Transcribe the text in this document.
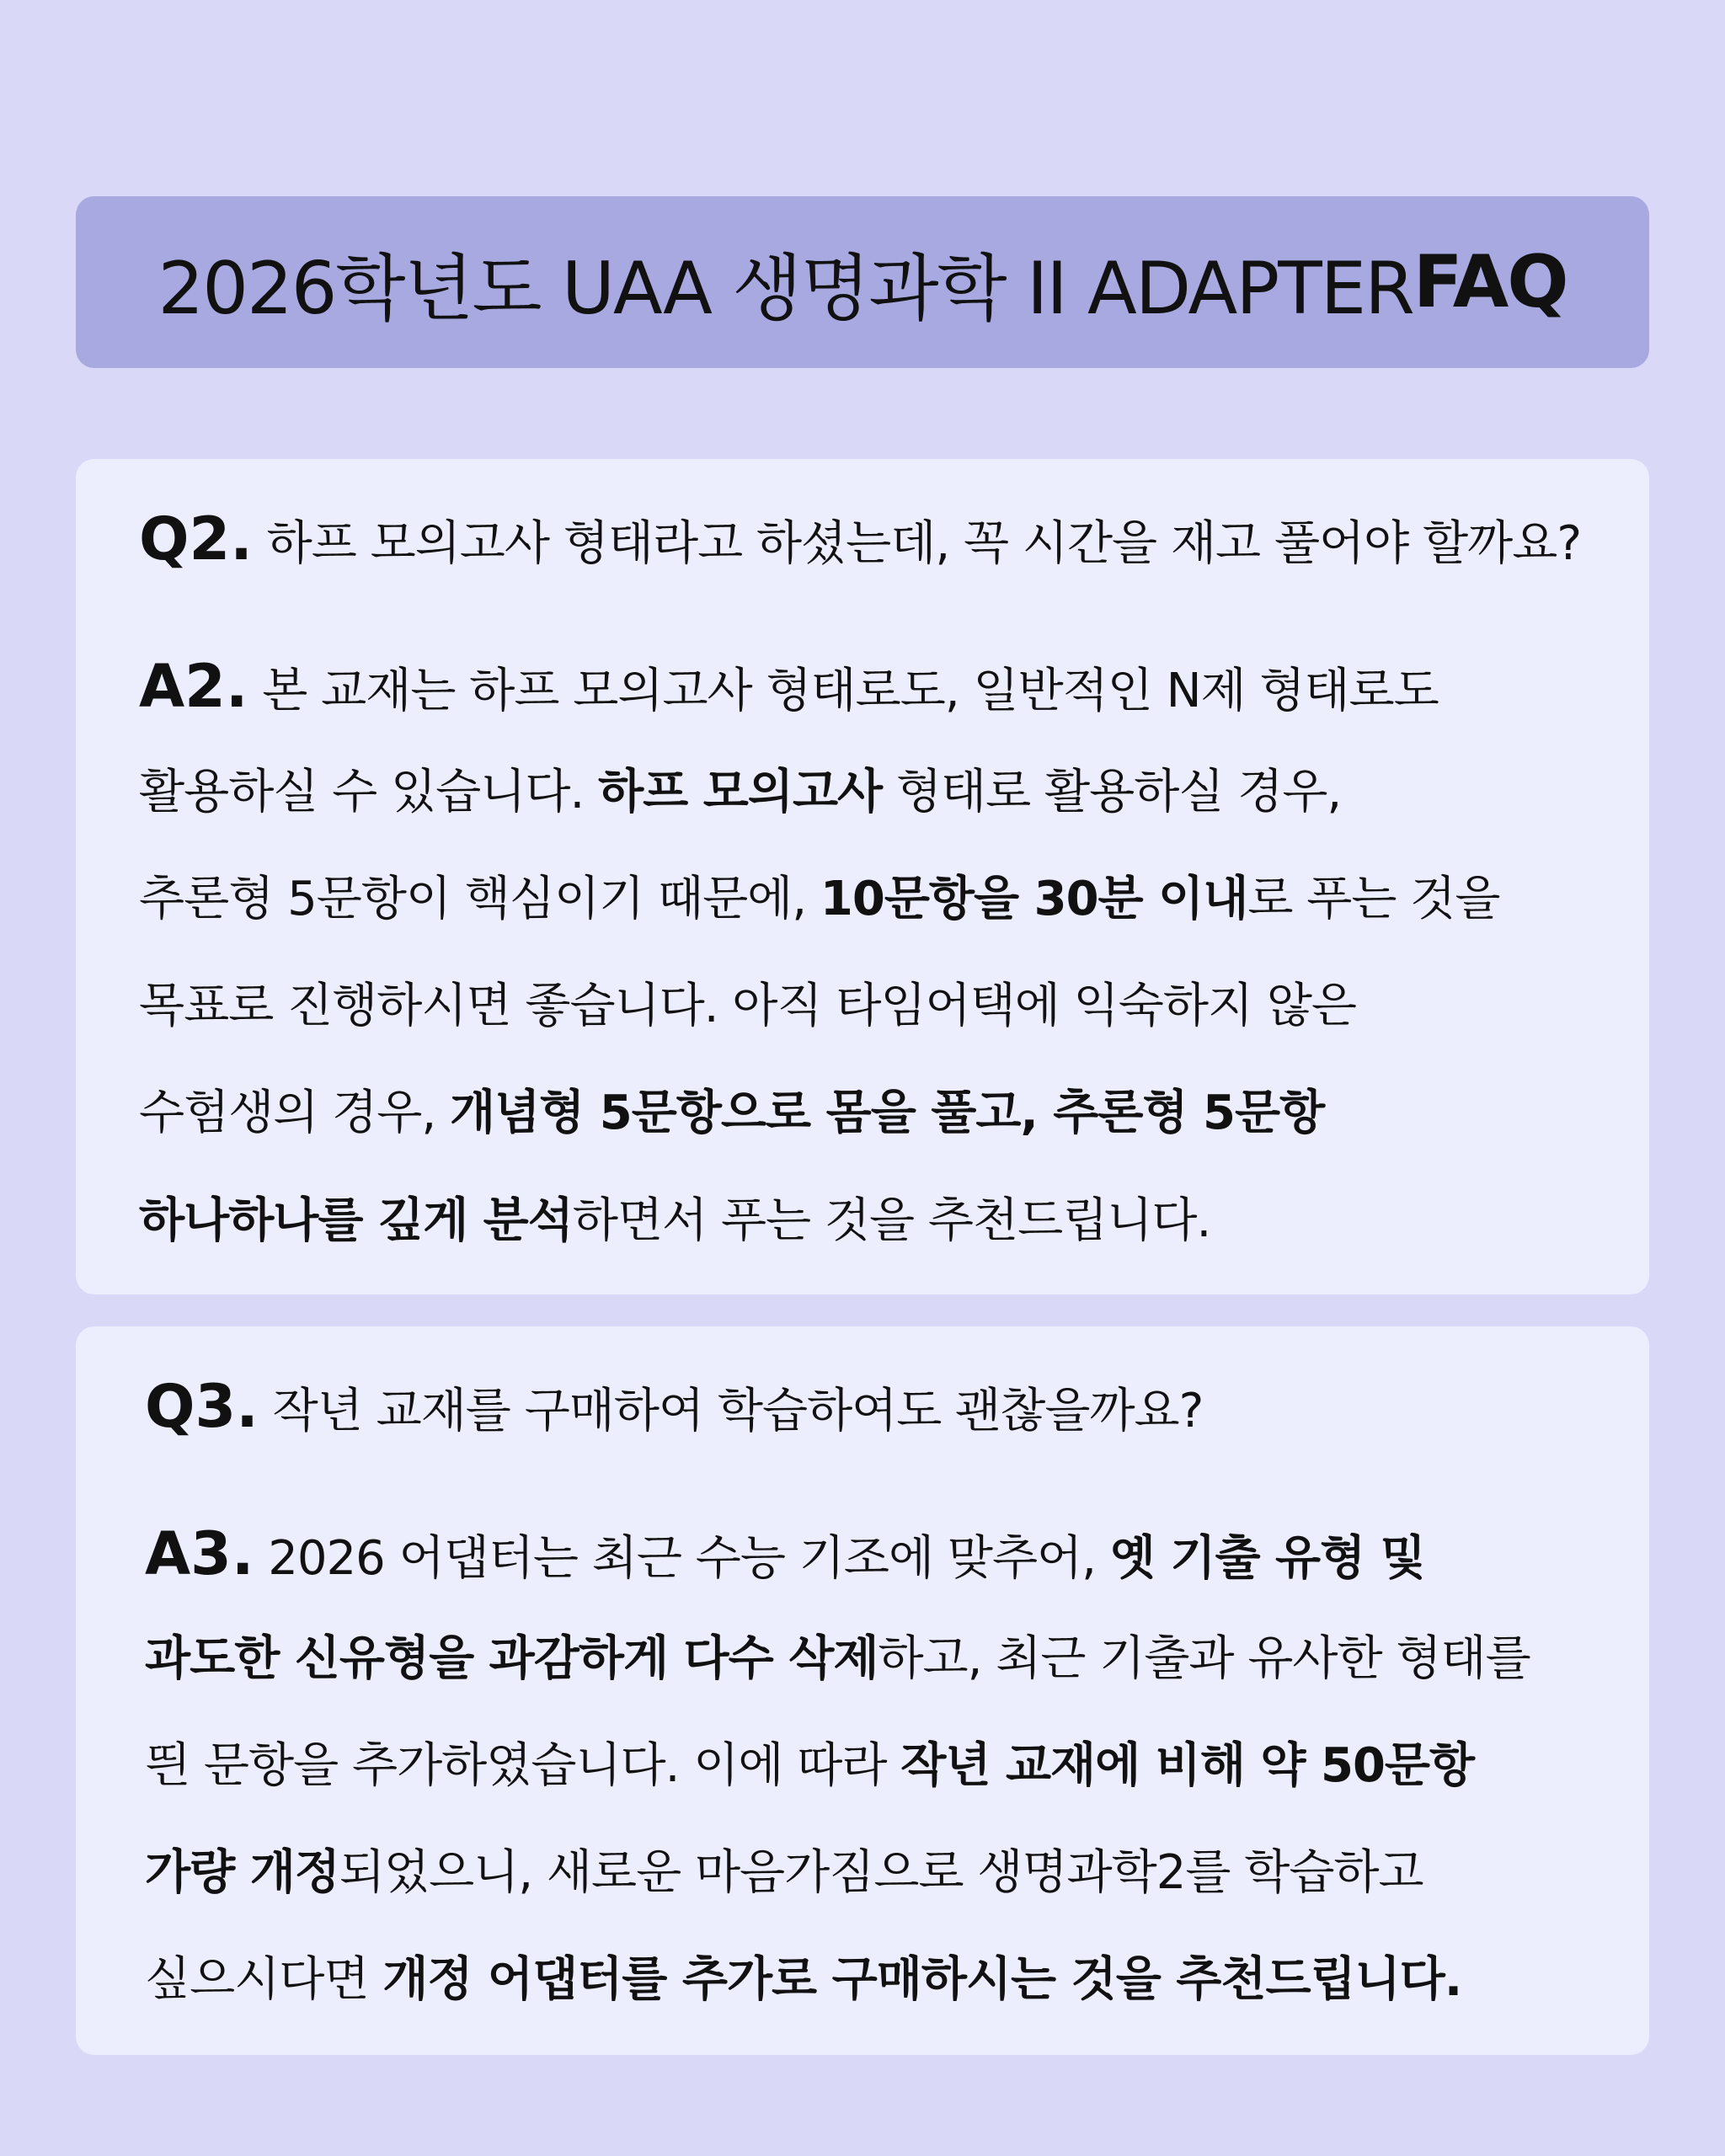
2026학년도 UAA 생명과학 II ADAPTER FAQ
Q2. 하프 모의고사 형태라고 하셨는데, 꼭 시간을 재고 풀어야 할까요?
A2. 본 교재는 하프 모의고사 형태로도, 일반적인 N제 형태로도
활용하실 수 있습니다. 하프 모의고사 형태로 활용하실 경우,
추론형 5문항이 핵심이기 때문에, 10문항을 30분 이내로 푸는 것을
목표로 진행하시면 좋습니다. 아직 타임어택에 익숙하지 않은
수험생의 경우, 개념형 5문항으로 몸을 풀고, 추론형 5문항
하나하나를 깊게 분석하면서 푸는 것을 추천드립니다.
Q3. 작년 교재를 구매하여 학습하여도 괜찮을까요?
A3. 2026 어댑터는 최근 수능 기조에 맞추어, 옛 기출 유형 및
과도한 신유형을 과감하게 다수 삭제하고, 최근 기출과 유사한 형태를
띈 문항을 추가하였습니다. 이에 따라 작년 교재에 비해 약 50문항
가량 개정되었으니, 새로운 마음가짐으로 생명과학2를 학습하고
싶으시다면 개정 어댑터를 추가로 구매하시는 것을 추천드립니다.
